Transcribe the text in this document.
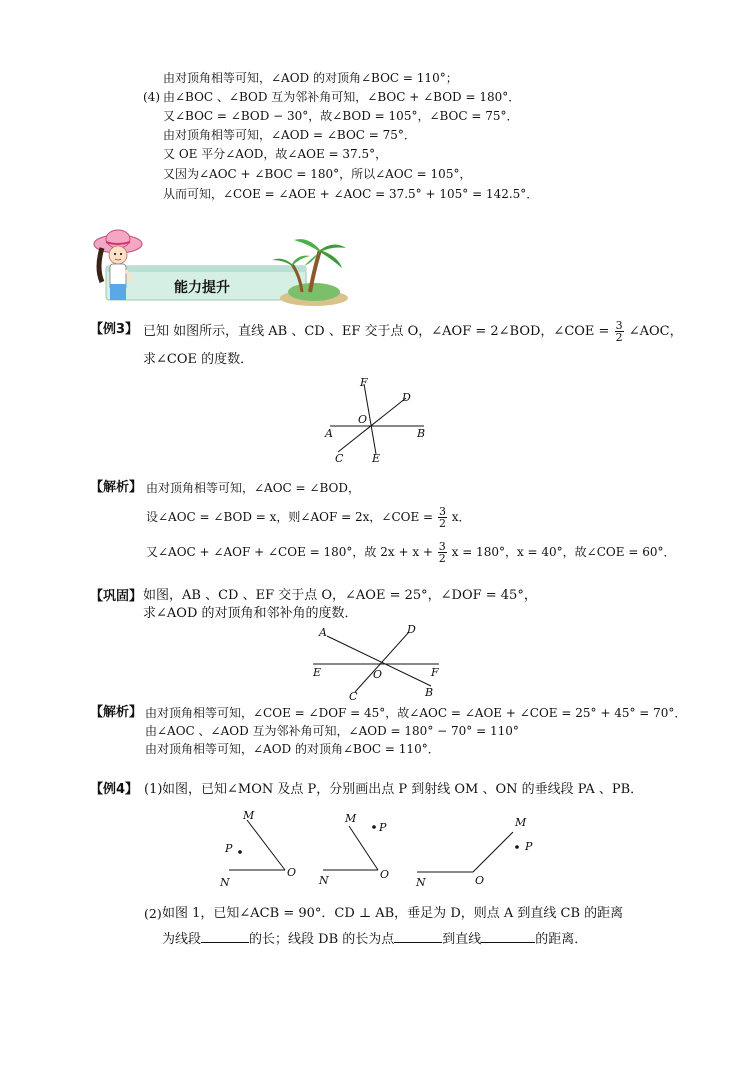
由对顶角相等可知，∠AOD 的对顶角∠BOC = 110°；
(4) 由∠BOC 、∠BOD 互为邻补角可知，∠BOC + ∠BOD = 180°．
又∠BOC = ∠BOD − 30°，故∠BOD = 105°，∠BOC = 75°．
由对顶角相等可知，∠AOD = ∠BOC = 75°．
又 OE 平分∠AOD，故∠AOE = 37.5°，
又因为∠AOC + ∠BOC = 180°，所以∠AOC = 105°，
从而可知，∠COE = ∠AOE + ∠AOC = 37.5° + 105° = 142.5°．
能力提升
【例3】 已知 如图所示，直线 AB 、CD 、EF 交于点 O，∠AOF = 2∠BOD，∠COE = $\frac{3}{2}$ ∠AOC，
求∠COE 的度数．
F
D
O
A	B
C	E
【解析】 由对顶角相等可知，∠AOC = ∠BOD，
设∠AOC = ∠BOD = x，则∠AOF = 2x，∠COE = $\frac{3}{2}$ x．
又∠AOC + ∠AOF + ∠COE = 180°，故 $2x + x + \frac{3}{2}$ x = 180°，x = 40°，故∠COE = 60°．
【巩固】 如图，AB 、CD 、EF 交于点 O，∠AOE = 25°，∠DOF = 45°，
求∠AOD 的对顶角和邻补角的度数．
A	D
E	O	F
C	B
【解析】 由对顶角相等可知，∠COE = ∠DOF = 45°，故∠AOC = ∠AOE + ∠COE = 25° + 45° = 70°．
由∠AOC 、∠AOD 互为邻补角可知，∠AOD = 180° − 70° = 110°
由对顶角相等可知，∠AOD 的对顶角∠BOC = 110°．
【例4】 (1) 如图，已知∠MON 及点 P，分别画出点 P 到射线 OM 、ON 的垂线段 PA 、PB．
M
P
N
O
M
P
N	O
M
P
N	O
(2) 如图 1，已知∠ACB = 90°．CD ⊥ AB，垂足为 D，则点 A 到直线 CB 的距离
为线段	的长；线段 DB 的长为点	到直线	的距离．
